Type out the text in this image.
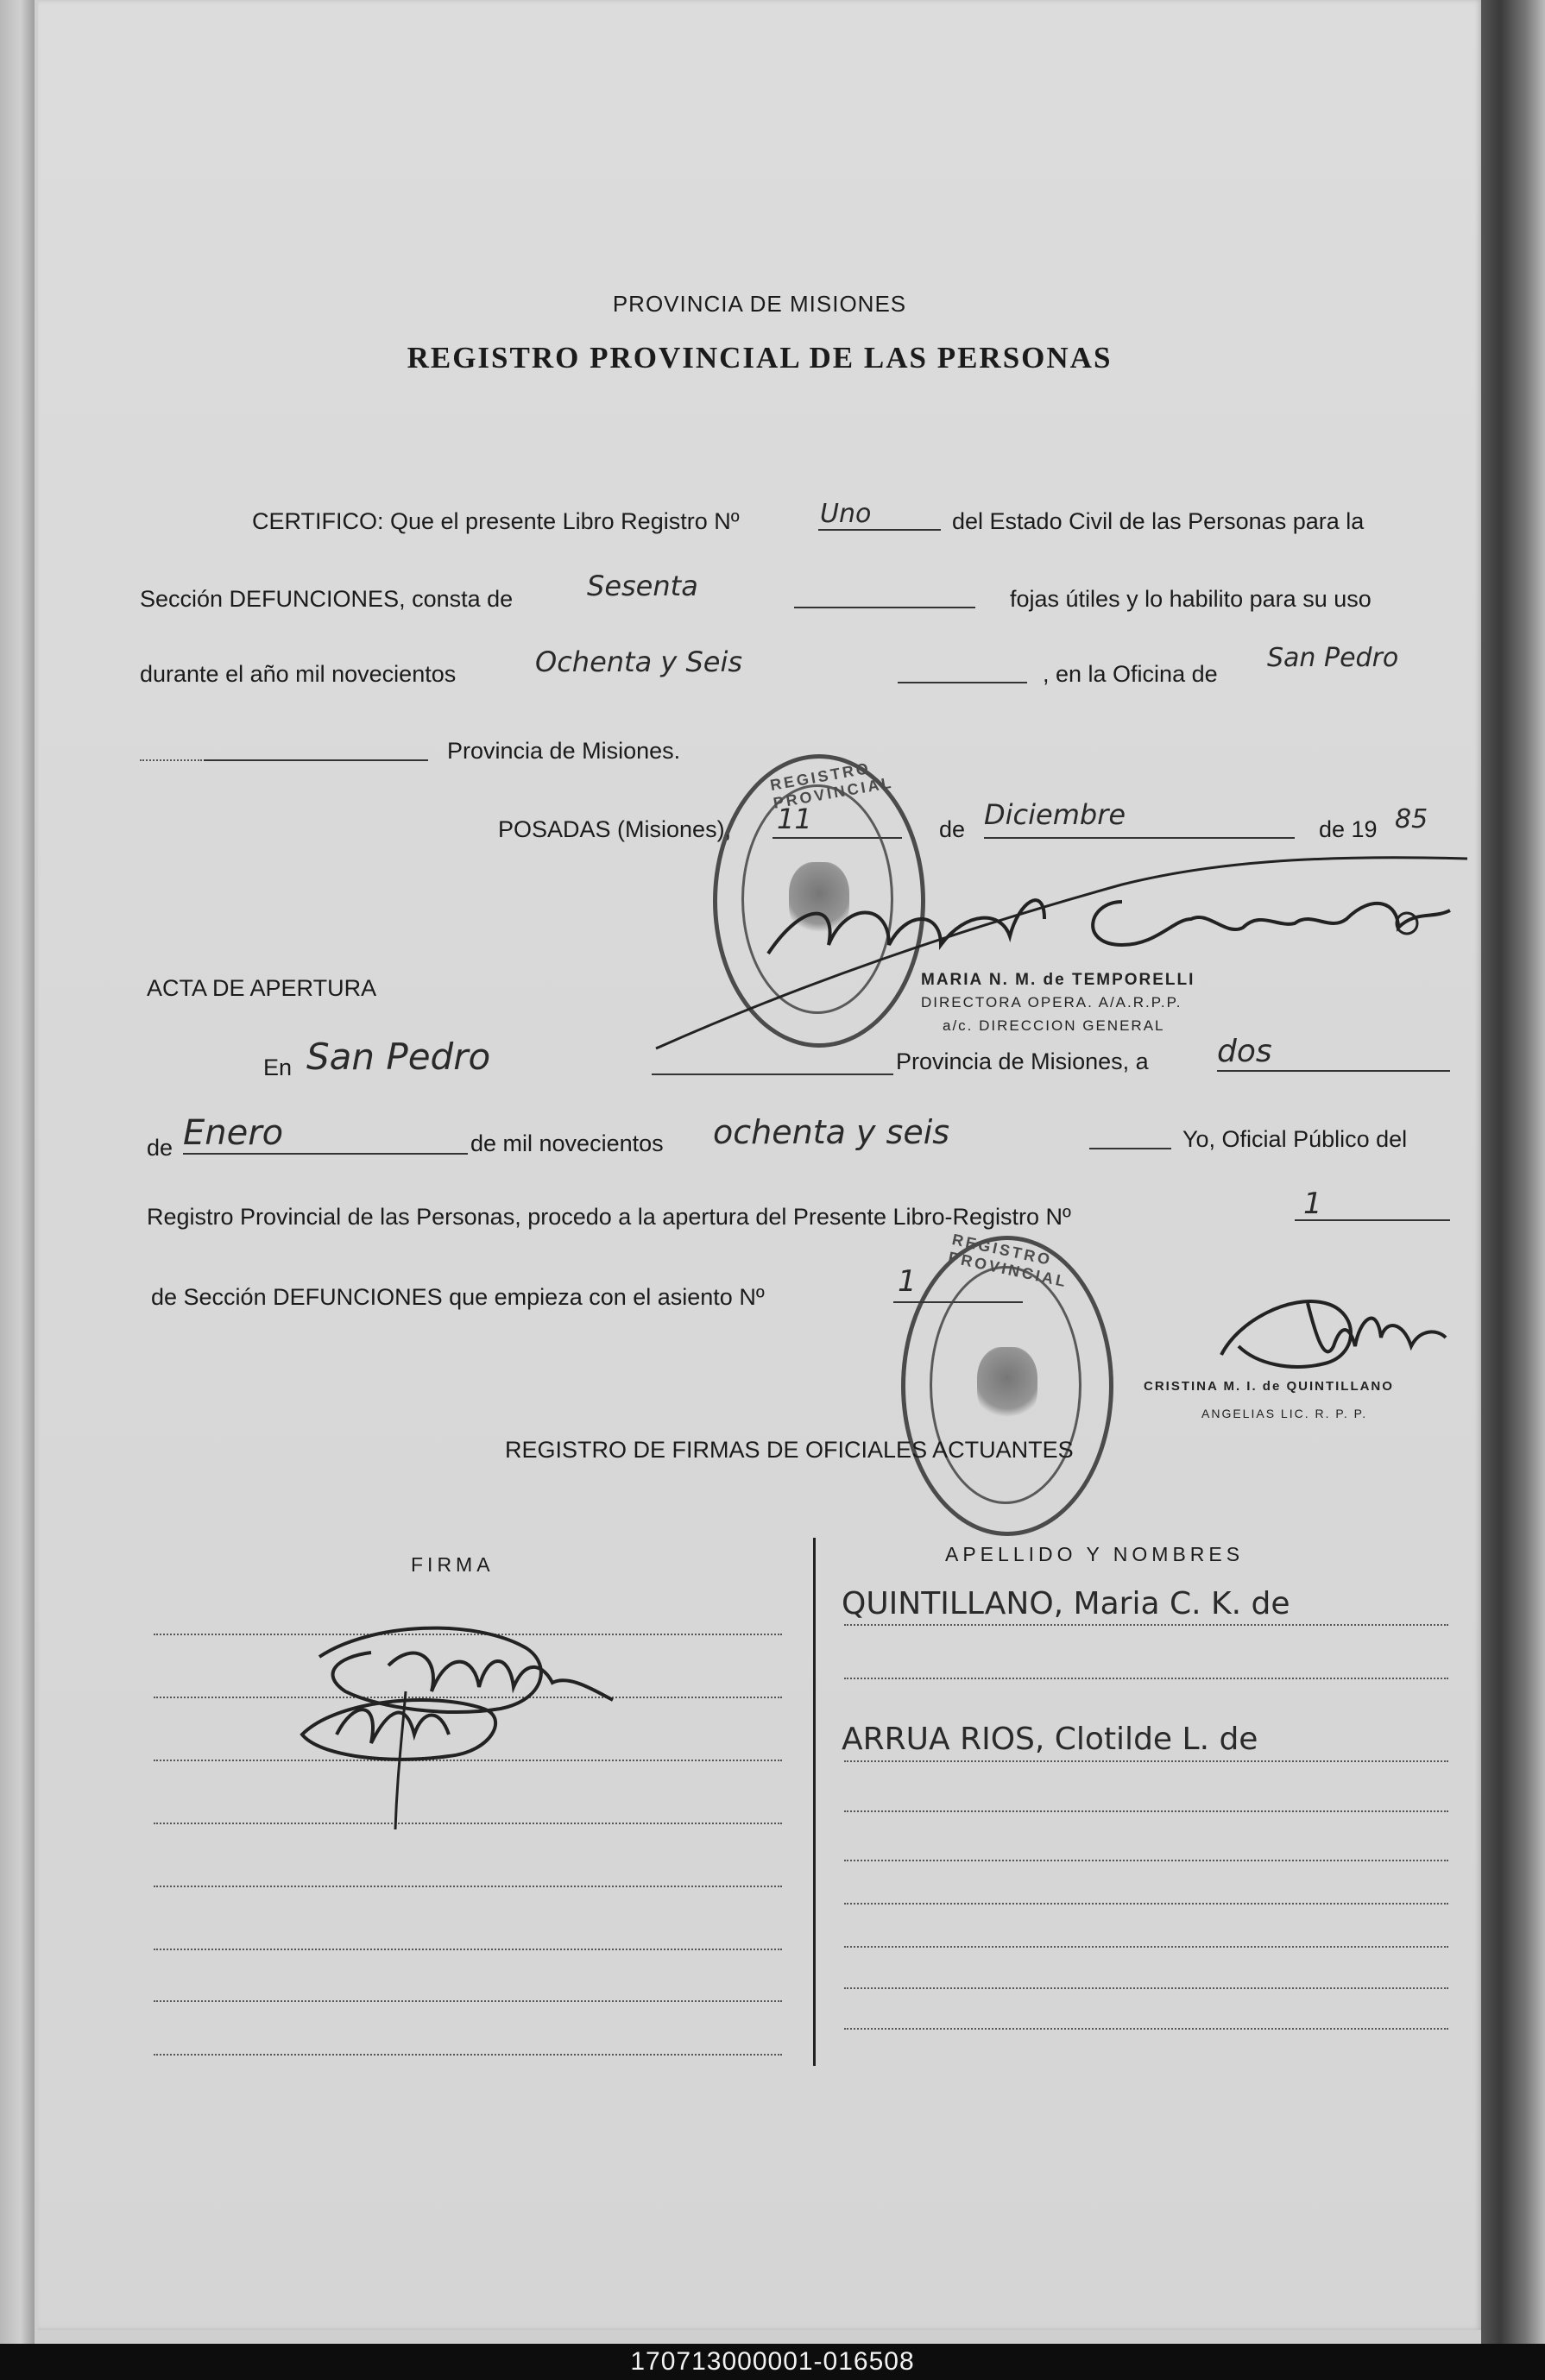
PROVINCIA DE MISIONES
REGISTRO PROVINCIAL DE LAS PERSONAS
CERTIFICO: Que el presente Libro Registro Nº	Uno	del Estado Civil de las Personas para la
Sección DEFUNCIONES, consta de	Sesenta	fojas útiles y lo habilito para su uso
durante el año mil novecientos	Ochenta y Seis	, en la Oficina de
San Pedro
Provincia de Misiones.
POSADAS (Misiones), 11	de Diciembre	de 19 85
REGISTRO PROVINCIAL
MARIA N. M. de TEMPORELLI
DIRECTORA OPERA. A/A.R.P.P.
a/c. DIRECCION GENERAL
ACTA DE APERTURA
En San Pedro	Provincia de Misiones, a dos
de Enero	de mil novecientos ochenta y seis	Yo, Oficial Público del
Registro Provincial de las Personas, procedo a la apertura del Presente Libro-Registro Nº	1
de Sección DEFUNCIONES que empieza con el asiento Nº	1
REGISTRO PROVINCIAL
CRISTINA M. I. de QUINTILLANO
ANGELIAS LIC. R. P. P.
REGISTRO DE FIRMAS DE OFICIALES ACTUANTES
FIRMA	APELLIDO Y NOMBRES
QUINTILLANO, Maria C. K. de
ARRUA RIOS, Clotilde L. de
170713000001-016508
